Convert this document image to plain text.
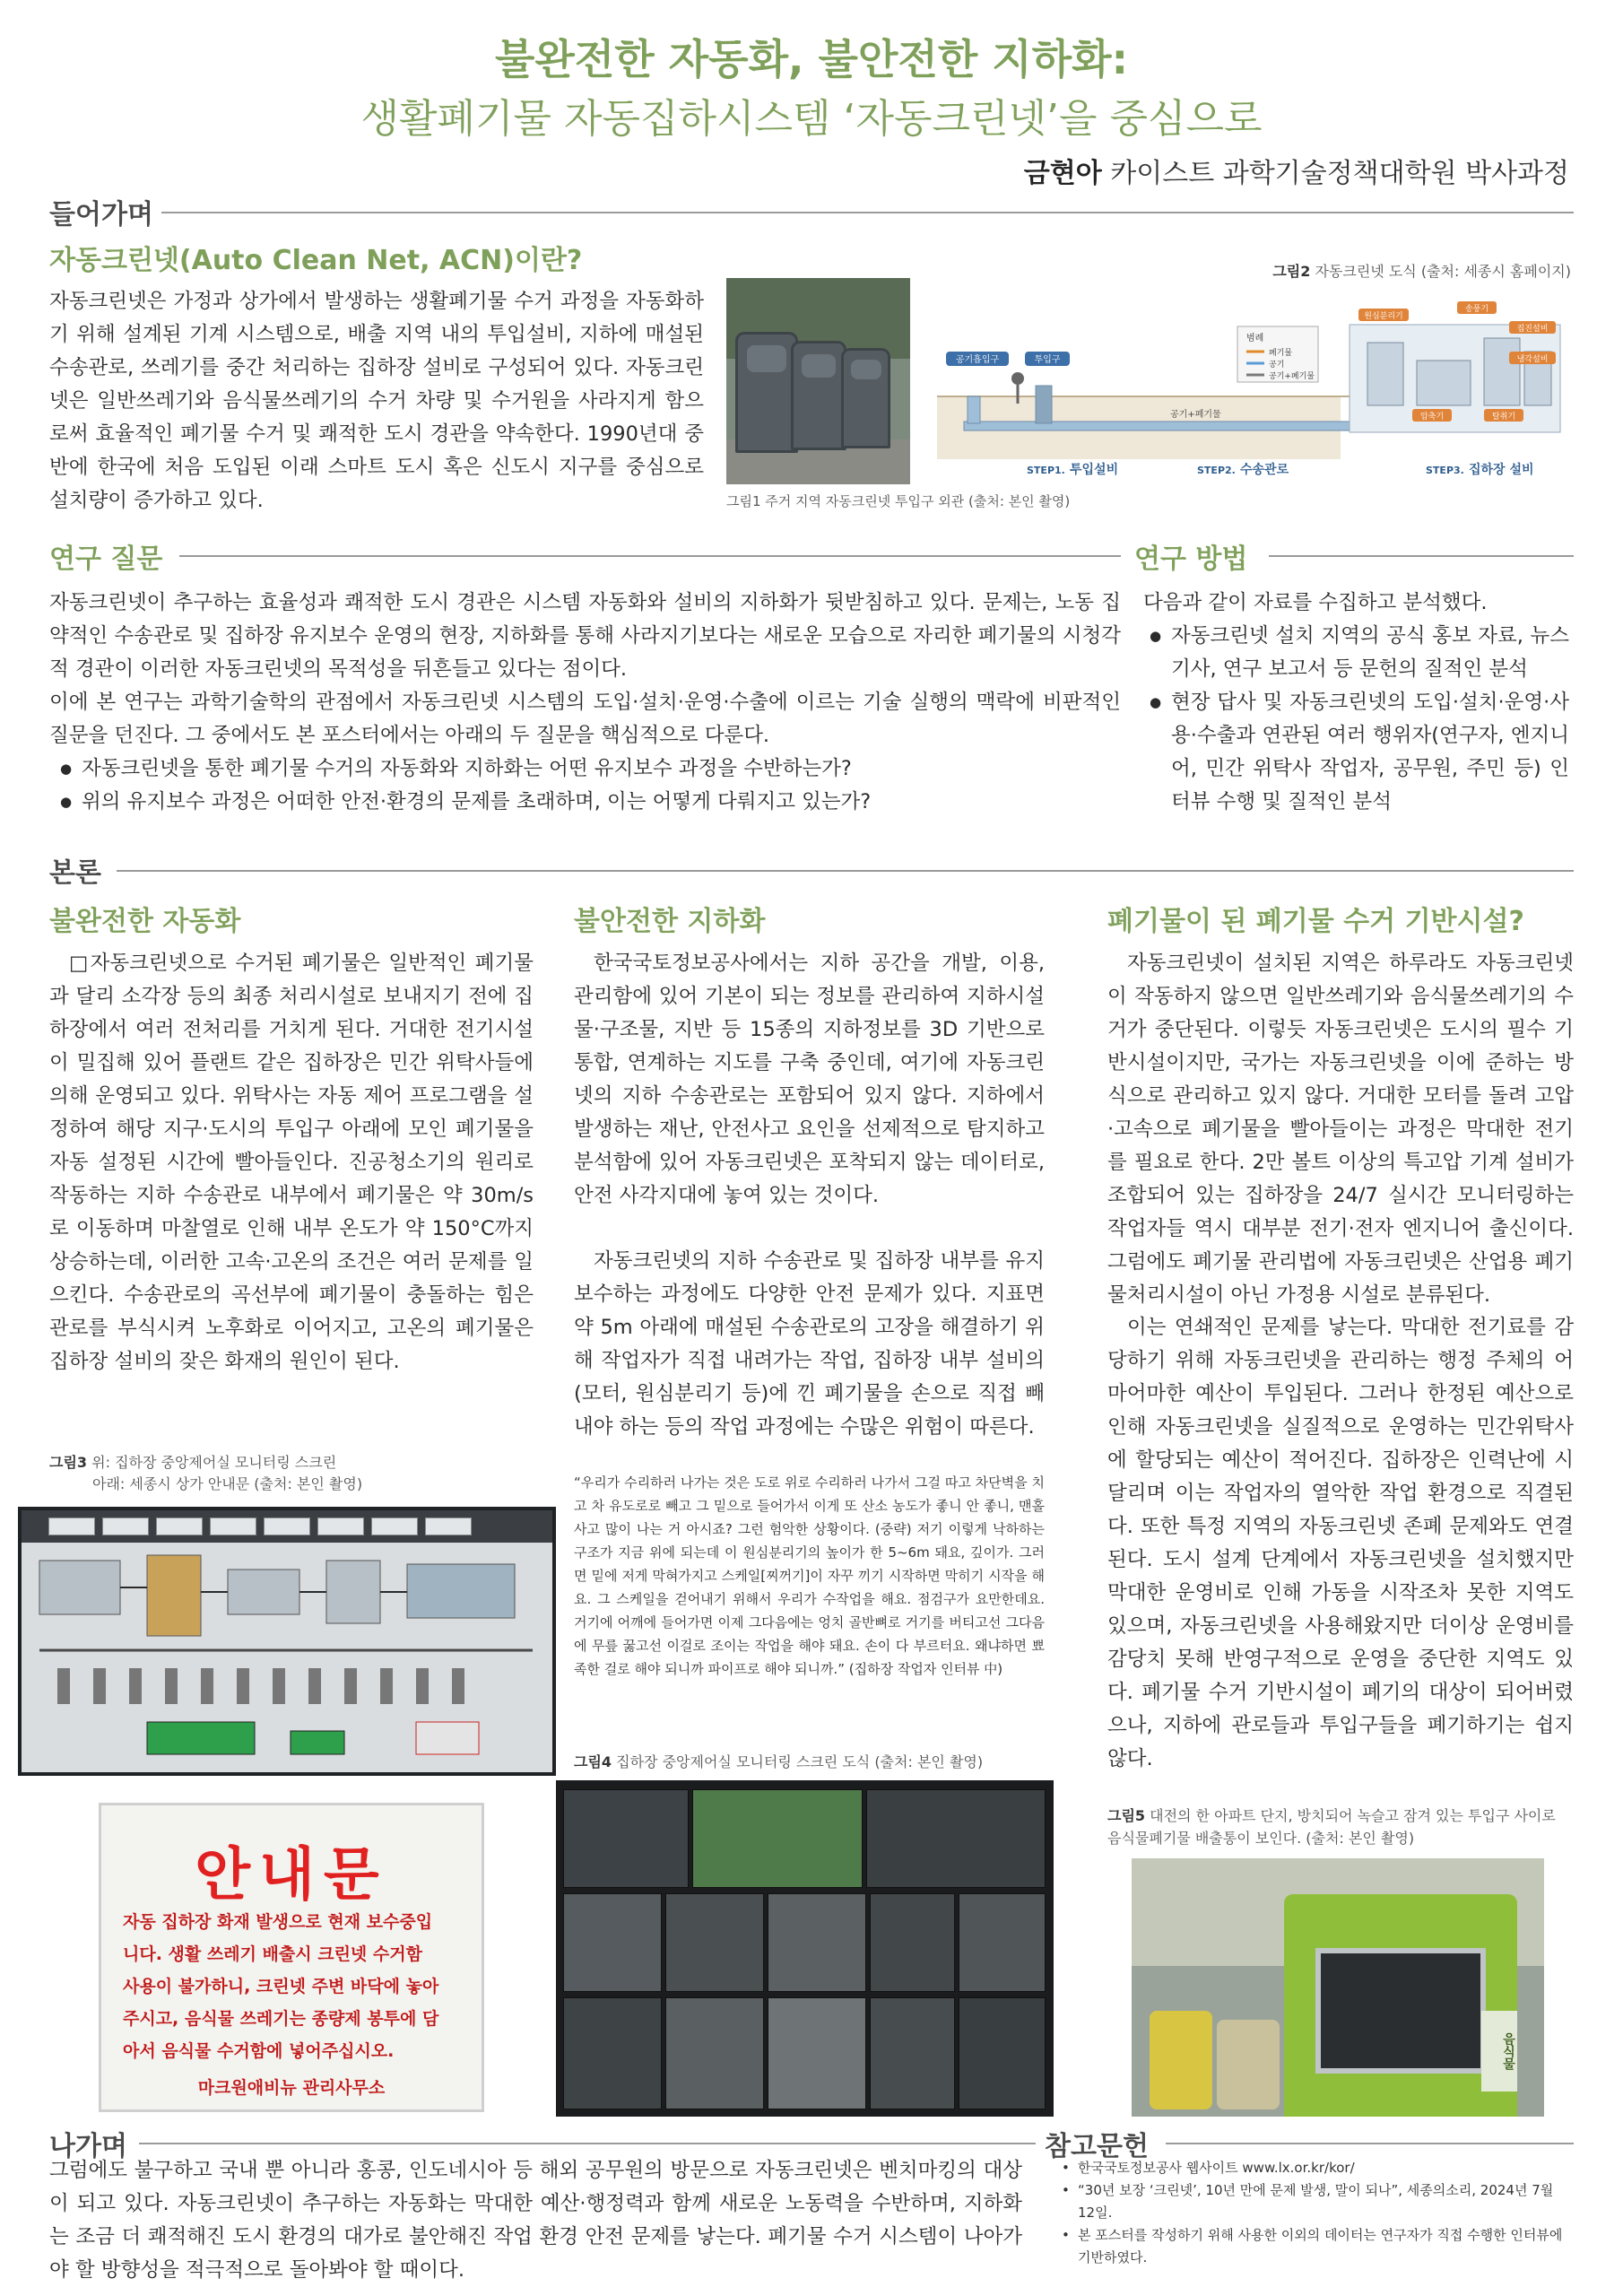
불완전한 자동화, 불안전한 지하화:
생활폐기물 자동집하시스템 ‘자동크린넷’을 중심으로
금현아 카이스트 과학기술정책대학원 박사과정
들어가며
자동크린넷(Auto Clean Net, ACN)이란?
자동크린넷은 가정과 상가에서 발생하는 생활폐기물 수거 과정을 자동화하기 위해 설계된 기계 시스템으로, 배출 지역 내의 투입설비, 지하에 매설된 수송관로, 쓰레기를 중간 처리하는 집하장 설비로 구성되어 있다. 자동크린넷은 일반쓰레기와 음식물쓰레기의 수거 차량 및 수거원을 사라지게 함으로써 효율적인 폐기물 수거 및 쾌적한 도시 경관을 약속한다. 1990년대 중반에 한국에 처음 도입된 이래 스마트 도시 혹은 신도시 지구를 중심으로 설치량이 증가하고 있다.	그림1 주거 지역 자동크린넷 투입구 외관 (출처: 본인 촬영)
그림2 자동크린넷 도식 (출처: 세종시 홈페이지)
공기흡입구	투입구
STEP1. 투입설비
공기+폐기물
STEP2. 수송관로
범례
폐기물
공기
공기+폐기물
원심분리기
송풍기
집진설비
냉각설비
압축기	탈취기
STEP3. 집하장 설비
연구 질문
자동크린넷이 추구하는 효율성과 쾌적한 도시 경관은 시스템 자동화와 설비의 지하화가 뒷받침하고 있다. 문제는, 노동 집약적인 수송관로 및 집하장 유지보수 운영의 현장, 지하화를 통해 사라지기보다는 새로운 모습으로 자리한 폐기물의 시청각적 경관이 이러한 자동크린넷의 목적성을 뒤흔들고 있다는 점이다.
이에 본 연구는 과학기술학의 관점에서 자동크린넷 시스템의 도입·설치·운영·수출에 이르는 기술 실행의 맥락에 비판적인 질문을 던진다. 그 중에서도 본 포스터에서는 아래의 두 질문을 핵심적으로 다룬다.
● 자동크린넷을 통한 폐기물 수거의 자동화와 지하화는 어떤 유지보수 과정을 수반하는가?
● 위의 유지보수 과정은 어떠한 안전·환경의 문제를 초래하며, 이는 어떻게 다뤄지고 있는가?
연구 방법
다음과 같이 자료를 수집하고 분석했다.
● 자동크린넷 설치 지역의 공식 홍보 자료, 뉴스 기사, 연구 보고서 등 문헌의 질적인 분석
● 현장 답사 및 자동크린넷의 도입·설치·운영·사용·수출과 연관된 여러 행위자(연구자, 엔지니어, 민간 위탁사 작업자, 공무원, 주민 등) 인터뷰 수행 및 질적인 분석
본론
불완전한 자동화
□자동크린넷으로 수거된 폐기물은 일반적인 폐기물과 달리 소각장 등의 최종 처리시설로 보내지기 전에 집하장에서 여러 전처리를 거치게 된다. 거대한 전기시설이 밀집해 있어 플랜트 같은 집하장은 민간 위탁사들에 의해 운영되고 있다. 위탁사는 자동 제어 프로그램을 설정하여 해당 지구·도시의 투입구 아래에 모인 폐기물을 자동 설정된 시간에 빨아들인다. 진공청소기의 원리로 작동하는 지하 수송관로 내부에서 폐기물은 약 30m/s로 이동하며 마찰열로 인해 내부 온도가 약 150°C까지 상승하는데, 이러한 고속·고온의 조건은 여러 문제를 일으킨다. 수송관로의 곡선부에 폐기물이 충돌하는 힘은 관로를 부식시켜 노후화로 이어지고, 고온의 폐기물은 집하장 설비의 잦은 화재의 원인이 된다.
그림3 위: 집하장 중앙제어실 모니터링 스크린
아래: 세종시 상가 안내문 (출처: 본인 촬영)
안내문
자동 집하장 화재 발생으로 현재 보수중입
니다. 생활 쓰레기 배출시 크린넷 수거함
사용이 불가하니, 크린넷 주변 바닥에 놓아
주시고, 음식물 쓰레기는 종량제 봉투에 담
아서 음식물 수거함에 넣어주십시오.
마크원애비뉴 관리사무소
불안전한 지하화
한국국토정보공사에서는 지하 공간을 개발, 이용, 관리함에 있어 기본이 되는 정보를 관리하여 지하시설물·구조물, 지반 등 15종의 지하정보를 3D 기반으로 통합, 연계하는 지도를 구축 중인데, 여기에 자동크린넷의 지하 수송관로는 포함되어 있지 않다. 지하에서 발생하는 재난, 안전사고 요인을 선제적으로 탐지하고 분석함에 있어 자동크린넷은 포착되지 않는 데이터로, 안전 사각지대에 놓여 있는 것이다.
자동크린넷의 지하 수송관로 및 집하장 내부를 유지보수하는 과정에도 다양한 안전 문제가 있다. 지표면 약 5m 아래에 매설된 수송관로의 고장을 해결하기 위해 작업자가 직접 내려가는 작업, 집하장 내부 설비의 (모터, 원심분리기 등)에 낀 폐기물을 손으로 직접 빼내야 하는 등의 작업 과정에는 수많은 위험이 따른다.
“우리가 수리하러 나가는 것은 도로 위로 수리하러 나가서 그걸 따고 차단벽을 치고 차 유도로로 빼고 그 밑으로 들어가서 이게 또 산소 농도가 좋니 안 좋니, 맨홀 사고 많이 나는 거 아시죠? 그런 험악한 상황이다. (중략) 저기 이렇게 낙하하는 구조가 지금 위에 되는데 이 원심분리기의 높이가 한 5~6m 돼요, 깊이가. 그러면 밑에 저게 막혀가지고 스케일[찌꺼기]이 자꾸 끼기 시작하면 막히기 시작을 해요. 그 스케일을 걷어내기 위해서 우리가 수작업을 해요. 점검구가 요만한데요. 거기에 어깨에 들어가면 이제 그다음에는 엉치 골반뼈로 거기를 버티고선 그다음에 무릎 꿇고선 이걸로 조이는 작업을 해야 돼요. 손이 다 부르터요. 왜냐하면 뾰족한 걸로 해야 되니까 파이프로 해야 되니까.” (집하장 작업자 인터뷰 中)
그림4 집하장 중앙제어실 모니터링 스크린 도식 (출처: 본인 촬영)
폐기물이 된 폐기물 수거 기반시설?
자동크린넷이 설치된 지역은 하루라도 자동크린넷이 작동하지 않으면 일반쓰레기와 음식물쓰레기의 수거가 중단된다. 이렇듯 자동크린넷은 도시의 필수 기반시설이지만, 국가는 자동크린넷을 이에 준하는 방식으로 관리하고 있지 않다. 거대한 모터를 돌려 고압·고속으로 폐기물을 빨아들이는 과정은 막대한 전기를 필요로 한다. 2만 볼트 이상의 특고압 기계 설비가 조합되어 있는 집하장을 24/7 실시간 모니터링하는 작업자들 역시 대부분 전기·전자 엔지니어 출신이다. 그럼에도 폐기물 관리법에 자동크린넷은 산업용 폐기물처리시설이 아닌 가정용 시설로 분류된다.
이는 연쇄적인 문제를 낳는다. 막대한 전기료를 감당하기 위해 자동크린넷을 관리하는 행정 주체의 어마어마한 예산이 투입된다. 그러나 한정된 예산으로 인해 자동크린넷을 실질적으로 운영하는 민간위탁사에 할당되는 예산이 적어진다. 집하장은 인력난에 시달리며 이는 작업자의 열악한 작업 환경으로 직결된다. 또한 특정 지역의 자동크린넷 존폐 문제와도 연결된다. 도시 설계 단계에서 자동크린넷을 설치했지만 막대한 운영비로 인해 가동을 시작조차 못한 지역도 있으며, 자동크린넷을 사용해왔지만 더이상 운영비를 감당치 못해 반영구적으로 운영을 중단한 지역도 있다. 폐기물 수거 기반시설이 폐기의 대상이 되어버렸으나, 지하에 관로들과 투입구들을 폐기하기는 쉽지 않다.
그림5 대전의 한 아파트 단지, 방치되어 녹슬고 잠겨 있는 투입구 사이로 음식물폐기물 배출통이 보인다. (출처: 본인 촬영)
음식물
나가며
그럼에도 불구하고 국내 뿐 아니라 홍콩, 인도네시아 등 해외 공무원의 방문으로 자동크린넷은 벤치마킹의 대상이 되고 있다. 자동크린넷이 추구하는 자동화는 막대한 예산·행정력과 함께 새로운 노동력을 수반하며, 지하화는 조금 더 쾌적해진 도시 환경의 대가로 불안해진 작업 환경 안전 문제를 낳는다. 폐기물 수거 시스템이 나아가야 할 방향성을 적극적으로 돌아봐야 할 때이다.
참고문헌
• 한국국토정보공사 웹사이트 www.lx.or.kr/kor/
• “30년 보장 ‘크린넷’, 10년 만에 문제 발생, 말이 되나”, 세종의소리, 2024년 7월 12일.
• 본 포스터를 작성하기 위해 사용한 이외의 데이터는 연구자가 직접 수행한 인터뷰에 기반하였다.
